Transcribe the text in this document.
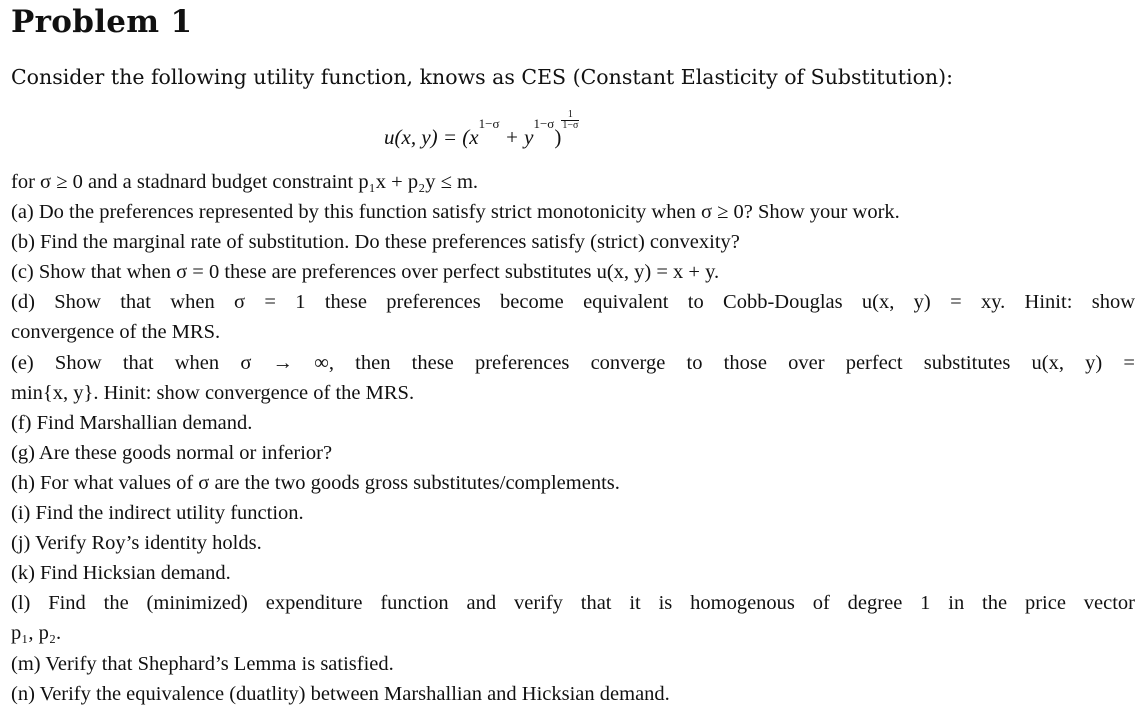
Problem 1
Consider the following utility function, knows as CES (Constant Elasticity of Substitution):
u(x, $y) = (x^{1-\sigma} + y^{1-\sigma})$
$\frac{1}{1-\sigma}$
for σ ≥ 0 and a stadnard budget constraint p₁x + p₂y ≤ m.
(a) Do the preferences represented by this function satisfy strict monotonicity when σ ≥ 0? Show your work.
(b) Find the marginal rate of substitution. Do these preferences satisfy (strict) convexity?
(c) Show that when σ = 0 these are preferences over perfect substitutes u(x, y) = x + y.
(d) Show that when σ = 1 these preferences become equivalent to Cobb-Douglas u(x, y) = xy. Hinit: show
convergence of the MRS.
(e) Show that when σ → ∞, then these preferences converge to those over perfect substitutes u(x, y) =
min{x, y}. Hinit: show convergence of the MRS.
(f) Find Marshallian demand.
(g) Are these goods normal or inferior?
(h) For what values of σ are the two goods gross substitutes/complements.
(i) Find the indirect utility function.
(j) Verify Roy’s identity holds.
(k) Find Hicksian demand.
(l) Find the (minimized) expenditure function and verify that it is homogenous of degree 1 in the price vector
p₁, p₂.
(m) Verify that Shephard’s Lemma is satisfied.
(n) Verify the equivalence (duatlity) between Marshallian and Hicksian demand.
